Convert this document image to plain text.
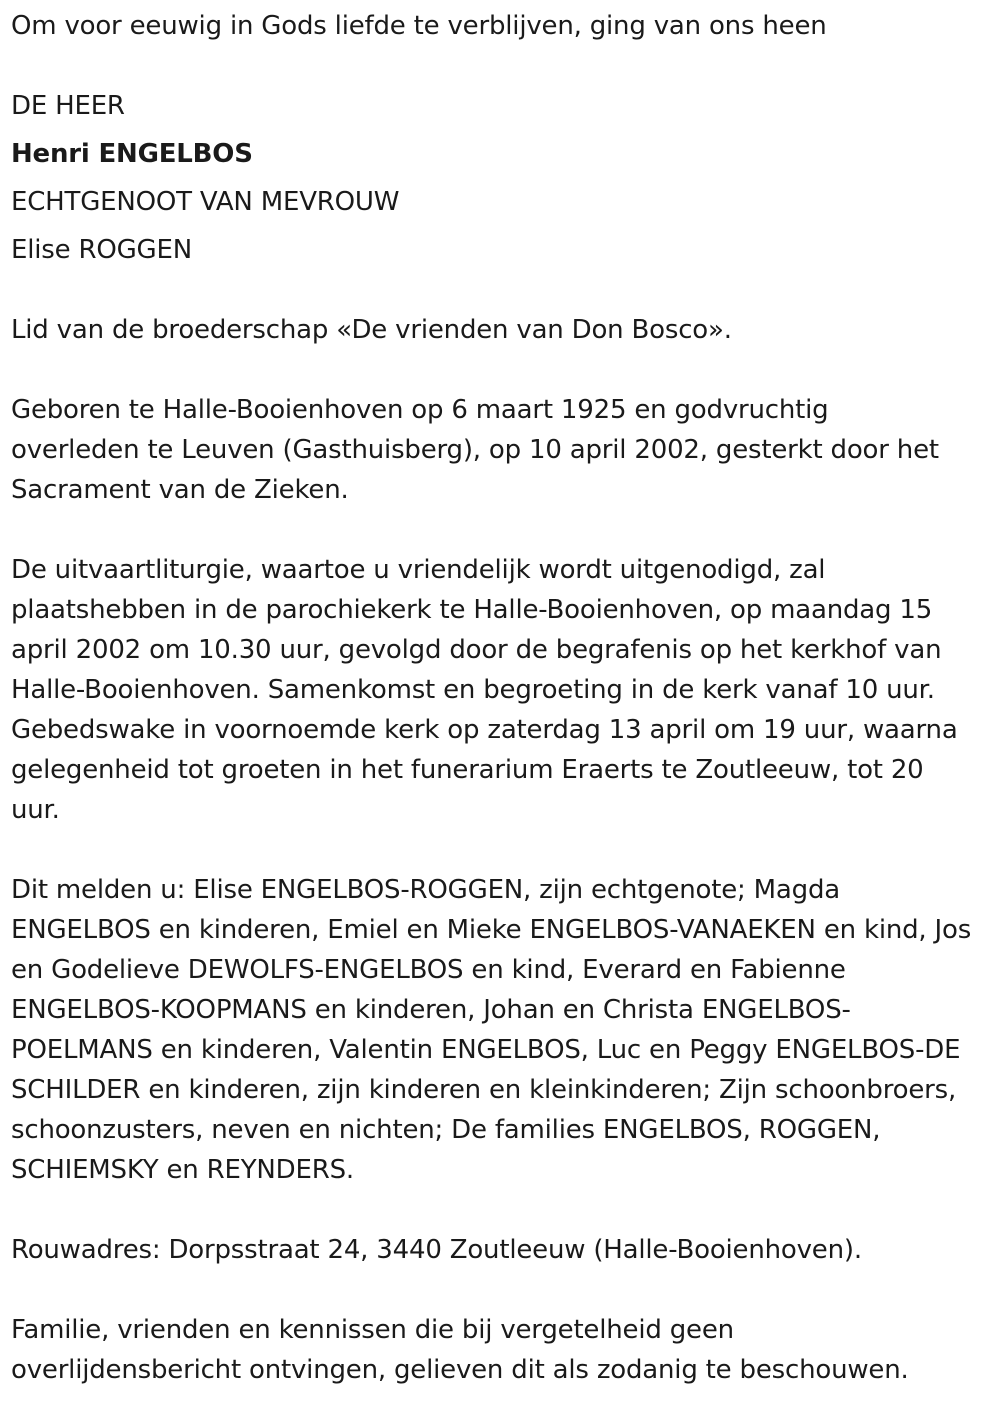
Om voor eeuwig in Gods liefde te verblijven, ging van ons heen
DE HEER
Henri ENGELBOS
ECHTGENOOT VAN MEVROUW
Elise ROGGEN
Lid van de broederschap «De vrienden van Don Bosco».
Geboren te Halle-Booienhoven op 6 maart 1925 en godvruchtig
overleden te Leuven (Gasthuisberg), op 10 april 2002, gesterkt door het
Sacrament van de Zieken.
De uitvaartliturgie, waartoe u vriendelijk wordt uitgenodigd, zal
plaatshebben in de parochiekerk te Halle-Booienhoven, op maandag 15
april 2002 om 10.30 uur, gevolgd door de begrafenis op het kerkhof van
Halle-Booienhoven. Samenkomst en begroeting in de kerk vanaf 10 uur.
Gebedswake in voornoemde kerk op zaterdag 13 april om 19 uur, waarna
gelegenheid tot groeten in het funerarium Eraerts te Zoutleeuw, tot 20
uur.
Dit melden u: Elise ENGELBOS-ROGGEN, zijn echtgenote; Magda
ENGELBOS en kinderen, Emiel en Mieke ENGELBOS-VANAEKEN en kind, Jos
en Godelieve DEWOLFS-ENGELBOS en kind, Everard en Fabienne
ENGELBOS-KOOPMANS en kinderen, Johan en Christa ENGELBOS-
POELMANS en kinderen, Valentin ENGELBOS, Luc en Peggy ENGELBOS-DE
SCHILDER en kinderen, zijn kinderen en kleinkinderen; Zijn schoonbroers,
schoonzusters, neven en nichten; De families ENGELBOS, ROGGEN,
SCHIEMSKY en REYNDERS.
Rouwadres: Dorpsstraat 24, 3440 Zoutleeuw (Halle-Booienhoven).
Familie, vrienden en kennissen die bij vergetelheid geen
overlijdensbericht ontvingen, gelieven dit als zodanig te beschouwen.
